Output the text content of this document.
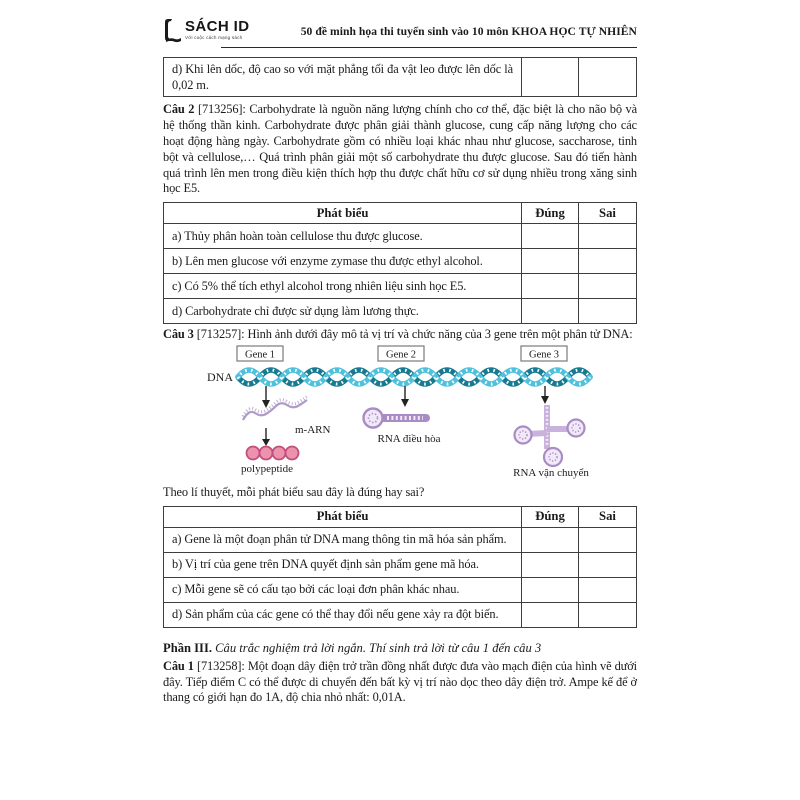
SÁCH ID
Với cuộc cách mạng sách	50 đề minh họa thi tuyển sinh vào 10 môn KHOA HỌC TỰ NHIÊN
d) Khi lên dốc, độ cao so với mặt phẳng tối đa vật leo được lên dốc là 0,02 m.		

Câu 2 [713256]: Carbohydrate là nguồn năng lượng chính cho cơ thể, đặc biệt là cho não bộ và hệ thống thần kinh. Carbohydrate được phân giải thành glucose, cung cấp năng lượng cho các hoạt động hàng ngày. Carbohydrate gồm có nhiều loại khác nhau như glucose, saccharose, tinh bột và cellulose,… Quá trình phân giải một số carbohydrate thu được glucose. Sau đó tiến hành quá trình lên men trong điều kiện thích hợp thu được chất hữu cơ sử dụng nhiều trong xăng sinh học E5.

Phát biểu	Đúng	Sai
a) Thủy phân hoàn toàn cellulose thu được glucose.		
b) Lên men glucose với enzyme zymase thu được ethyl alcohol.		
c) Có 5% thể tích ethyl alcohol trong nhiên liệu sinh học E5.		
d) Carbohydrate chỉ được sử dụng làm lương thực.		

Câu 3 [713257]: Hình ảnh dưới đây mô tả vị trí và chức năng của 3 gene trên một phân tử DNA:

Gene 1	Gene 2	Gene 3
DNA
m-ARN
polypeptide
RNA điều hòa
RNA vận chuyển

Theo lí thuyết, mỗi phát biểu sau đây là đúng hay sai?

Phát biểu	Đúng	Sai
a) Gene là một đoạn phân tử DNA mang thông tin mã hóa sản phẩm.		
b) Vị trí của gene trên DNA quyết định sản phẩm gene mã hóa.		
c) Mỗi gene sẽ có cấu tạo bởi các loại đơn phân khác nhau.		
d) Sản phẩm của các gene có thể thay đổi nếu gene xảy ra đột biến.		

Phần III. Câu trắc nghiệm trả lời ngắn. Thí sinh trả lời từ câu 1 đến câu 3

Câu 1 [713258]: Một đoạn dây điện trở trần đồng nhất được đưa vào mạch điện của hình vẽ dưới đây. Tiếp điểm C có thể được di chuyển đến bất kỳ vị trí nào dọc theo dây điện trở. Ampe kế để ở thang có giới hạn đo 1A, độ chia nhỏ nhất: 0,01A.
